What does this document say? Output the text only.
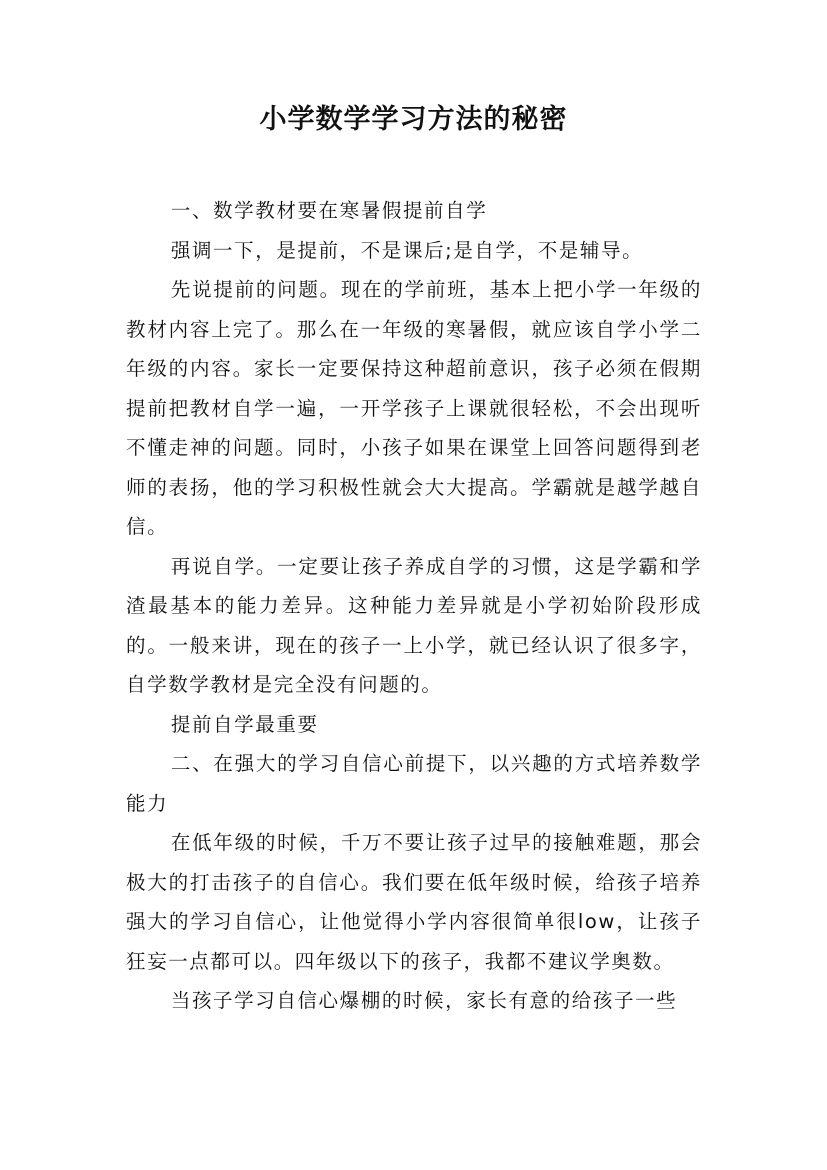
小学数学学习方法的秘密

一、数学教材要在寒暑假提前自学

强调一下，是提前，不是课后;是自学，不是辅导。

先说提前的问题。现在的学前班，基本上把小学一年级的教材内容上完了。那么在一年级的寒暑假，就应该自学小学二年级的内容。家长一定要保持这种超前意识，孩子必须在假期提前把教材自学一遍，一开学孩子上课就很轻松，不会出现听不懂走神的问题。同时，小孩子如果在课堂上回答问题得到老师的表扬，他的学习积极性就会大大提高。学霸就是越学越自信。

再说自学。一定要让孩子养成自学的习惯，这是学霸和学渣最基本的能力差异。这种能力差异就是小学初始阶段形成的。一般来讲，现在的孩子一上小学，就已经认识了很多字，自学数学教材是完全没有问题的。

提前自学最重要

二、在强大的学习自信心前提下，以兴趣的方式培养数学能力

在低年级的时候，千万不要让孩子过早的接触难题，那会极大的打击孩子的自信心。我们要在低年级时候，给孩子培养强大的学习自信心，让他觉得小学内容很简单很low，让孩子狂妄一点都可以。四年级以下的孩子，我都不建议学奥数。

当孩子学习自信心爆棚的时候，家长有意的给孩子一些
